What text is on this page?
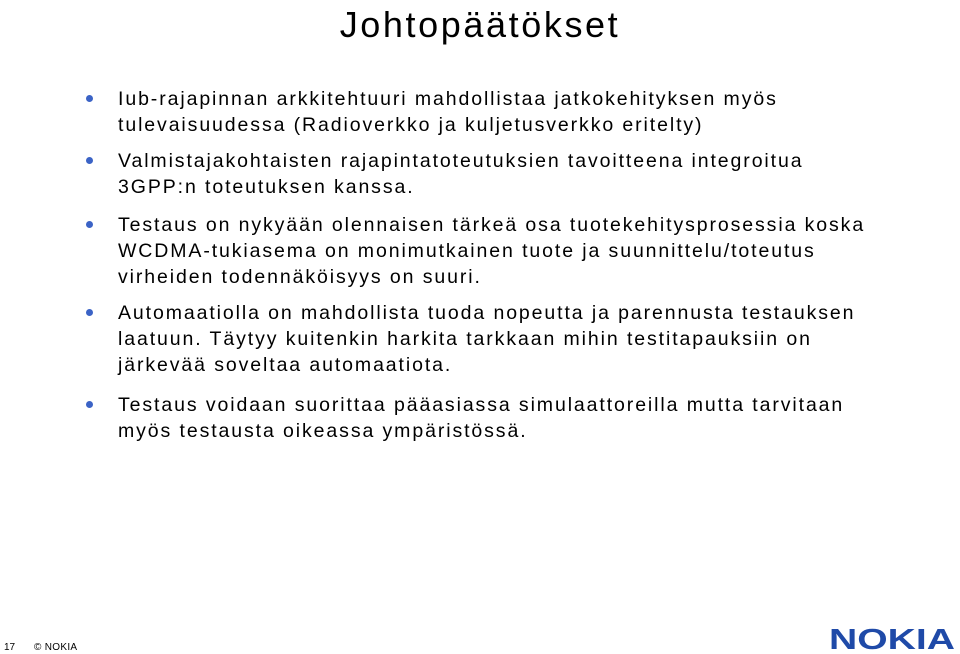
Johtopäätökset
Iub-rajapinnan arkkitehtuuri mahdollistaa jatkokehityksen myös
tulevaisuudessa (Radioverkko ja kuljetusverkko eritelty)
Valmistajakohtaisten rajapintatoteutuksien tavoitteena integroitua
3GPP:n toteutuksen kanssa.
Testaus on nykyään olennaisen tärkeä osa tuotekehitysprosessia koska
WCDMA-tukiasema on monimutkainen tuote ja suunnittelu/toteutus
virheiden todennäköisyys on suuri.
Automaatiolla on mahdollista tuoda nopeutta ja parennusta testauksen
laatuun. Täytyy kuitenkin harkita tarkkaan mihin testitapauksiin on
järkevää soveltaa automaatiota.
Testaus voidaan suorittaa pääasiassa simulaattoreilla mutta tarvitaan
myös testausta oikeassa ympäristössä.
17 © NOKIA	NOKIA
